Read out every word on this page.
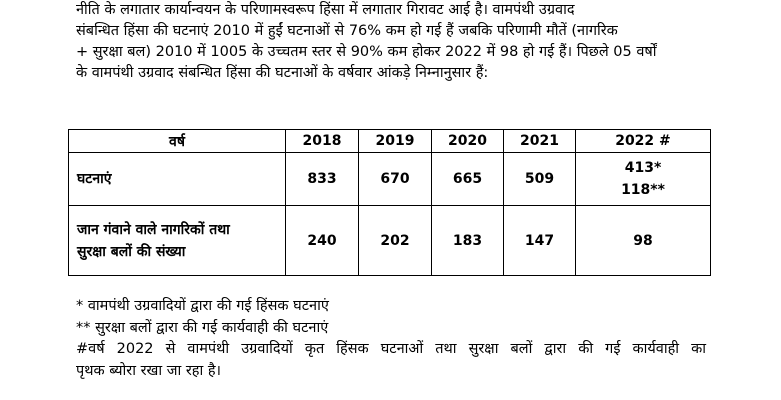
नीति के लगातार कार्यान्वयन के परिणामस्वरूप हिंसा में लगातार गिरावट आई है। वामपंथी उग्रवाद
संबन्धित हिंसा की घटनाएं 2010 में हुईं घटनाओं से 76% कम हो गई हैं जबकि परिणामी मौतें (नागरिक
+ सुरक्षा बल) 2010 में 1005 के उच्चतम स्तर से 90% कम होकर 2022 में 98 हो गई हैं। पिछले 05 वर्षों
के वामपंथी उग्रवाद संबन्धित हिंसा की घटनाओं के वर्षवार आंकड़े निम्नानुसार हैं:

वर्ष	2018	2019	2020	2021	2022 #
घटनाएं	833	670	665	509	413*
118**

जान गंवाने वाले नागरिकों तथा
सुरक्षा बलों की संख्या	240	202	183	147	98

* वामपंथी उग्रवादियों द्वारा की गई हिंसक घटनाएं
** सुरक्षा बलों द्वारा की गई कार्यवाही की घटनाएं
#वर्ष 2022 से वामपंथी उग्रवादियों कृत हिंसक घटनाओं तथा सुरक्षा बलों द्वारा की गई कार्यवाही का
पृथक ब्योरा रखा जा रहा है।
